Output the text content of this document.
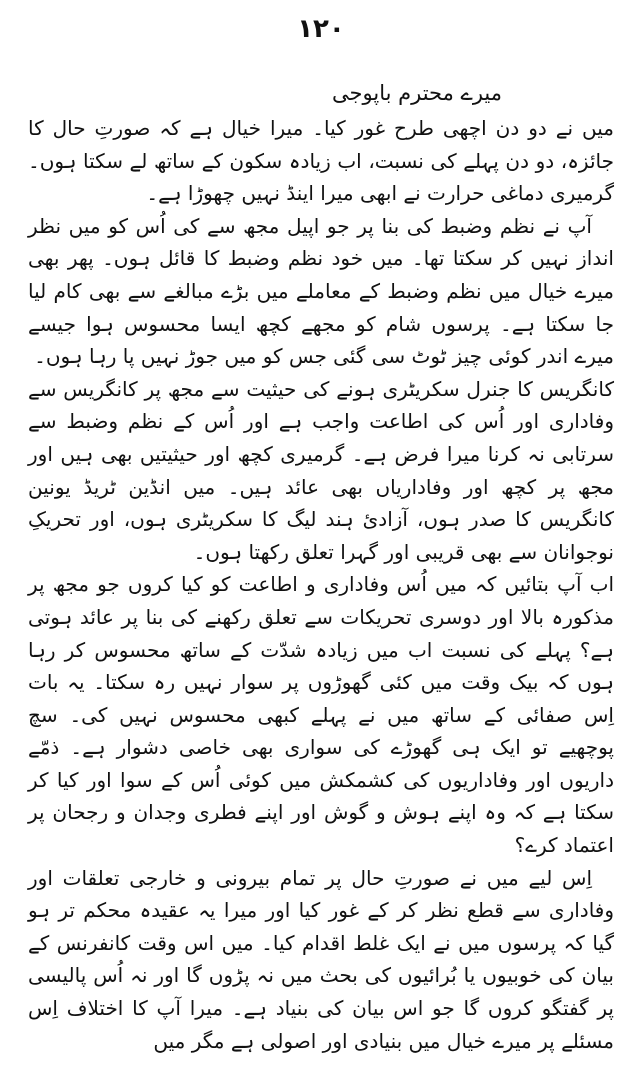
۱۲۰
میرے محترم باپوجی

میں نے دو دن اچھی طرح غور کیا۔ میرا خیال ہے کہ صورتِ حال کا جائزہ، دو دن پہلے کی نسبت، اب زیادہ سکون کے ساتھ لے سکتا ہوں۔ گرمیری دماغی حرارت نے ابھی میرا اینڈ نہیں چھوڑا ہے۔

آپ نے نظم وضبط کی بنا پر جو اپیل مجھ سے کی اُس کو میں نظر انداز نہیں کر سکتا تھا۔ میں خود نظم وضبط کا قائل ہوں۔ پھر بھی میرے خیال میں نظم وضبط کے معاملے میں بڑے مبالغے سے بھی کام لیا جا سکتا ہے۔ پرسوں شام کو مجھے کچھ ایسا محسوس ہوا جیسے میرے اندر کوئی چیز ٹوٹ سی گئی جس کو میں جوڑ نہیں پا رہا ہوں۔

کانگریس کا جنرل سکریٹری ہونے کی حیثیت سے مجھ پر کانگریس سے وفاداری اور اُس کی اطاعت واجب ہے اور اُس کے نظم وضبط سے سرتابی نہ کرنا میرا فرض ہے۔ گرمیری کچھ اور حیثیتیں بھی ہیں اور مجھ پر کچھ اور وفاداریاں بھی عائد ہیں۔ میں انڈین ٹریڈ یونین کانگریس کا صدر ہوں، آزادیٔ ہند لیگ کا سکریٹری ہوں، اور تحریکِ نوجوانان سے بھی قریبی اور گہرا تعلق رکھتا ہوں۔

اب آپ بتائیں کہ میں اُس وفاداری و اطاعت کو کیا کروں جو مجھ پر مذکورہ بالا اور دوسری تحریکات سے تعلق رکھنے کی بنا پر عائد ہوتی ہے؟ پہلے کی نسبت اب میں زیادہ شدّت کے ساتھ محسوس کر رہا ہوں کہ بیک وقت میں کئی گھوڑوں پر سوار نہیں رہ سکتا۔ یہ بات اِس صفائی کے ساتھ میں نے پہلے کبھی محسوس نہیں کی۔ سچ پوچھیے تو ایک ہی گھوڑے کی سواری بھی خاصی دشوار ہے۔ ذمّے داریوں اور وفاداریوں کی کشمکش میں کوئی اُس کے سوا اور کیا کر سکتا ہے کہ وہ اپنے ہوش و گوش اور اپنے فطری وجدان و رجحان پر اعتماد کرے؟

اِس لیے میں نے صورتِ حال پر تمام بیرونی و خارجی تعلقات اور وفاداری سے قطع نظر کر کے غور کیا اور میرا یہ عقیدہ محکم تر ہو گیا کہ پرسوں میں نے ایک غلط اقدام کیا۔ میں اس وقت کانفرنس کے بیان کی خوبیوں یا بُرائیوں کی بحث میں نہ پڑوں گا اور نہ اُس پالیسی پر گفتگو کروں گا جو اس بیان کی بنیاد ہے۔ میرا آپ کا اختلاف اِس مسئلے پر میرے خیال میں بنیادی اور اصولی ہے مگر میں
